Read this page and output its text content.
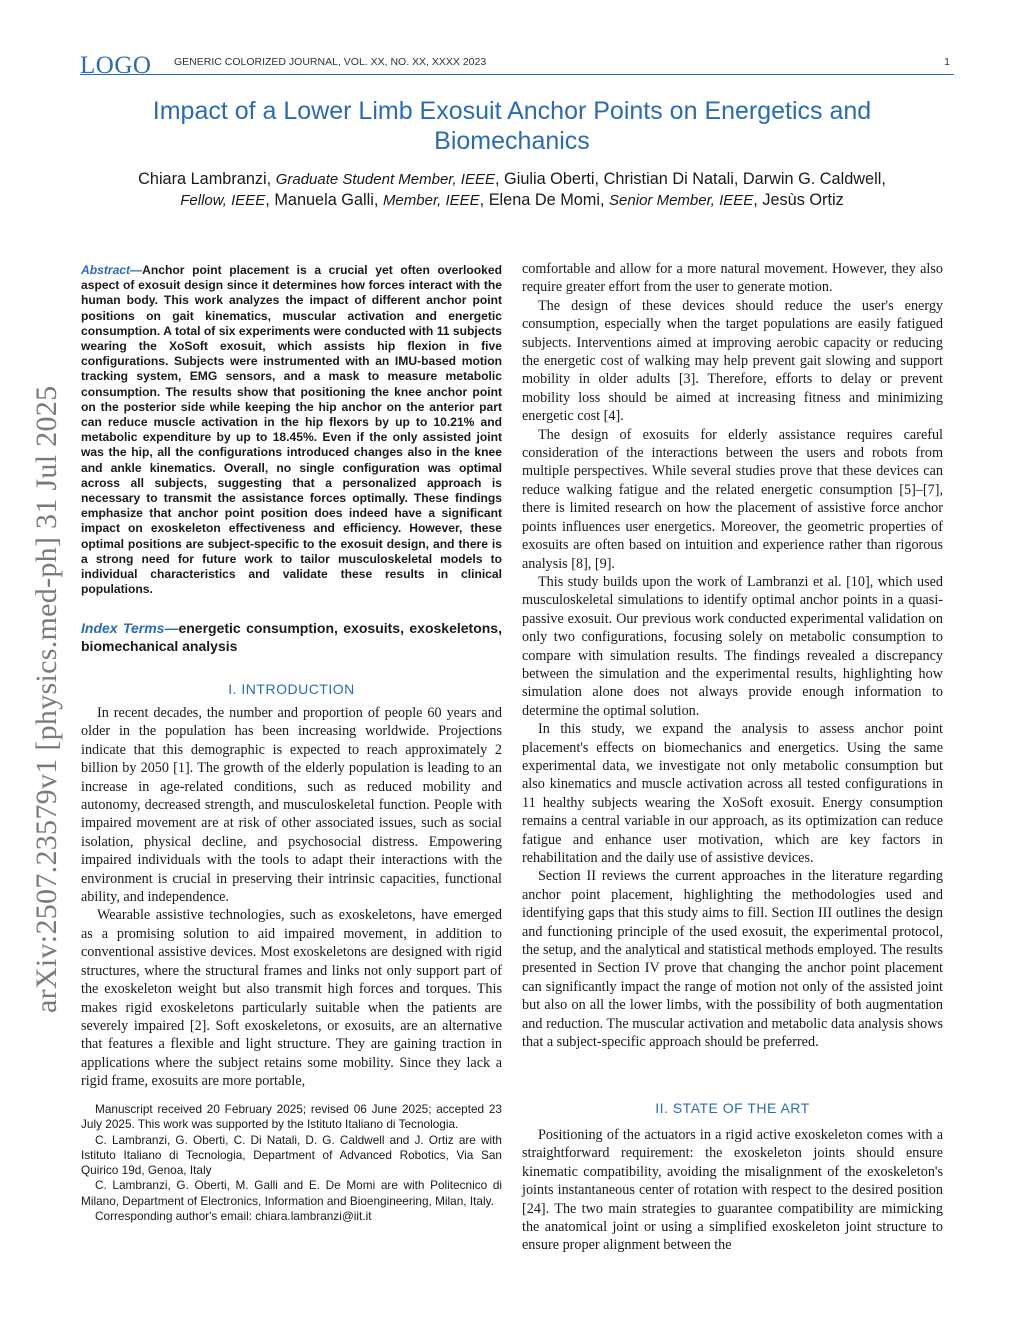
LOGO GENERIC COLORIZED JOURNAL, VOL. XX, NO. XX, XXXX 2023	1
Impact of a Lower Limb Exosuit Anchor Points on Energetics and Biomechanics
Chiara Lambranzi, Graduate Student Member, IEEE, Giulia Oberti, Christian Di Natali, Darwin G. Caldwell,
Fellow, IEEE, Manuela Galli, Member, IEEE, Elena De Momi, Senior Member, IEEE, Jesùs Ortiz
arXiv:2507.23579v1 [physics.med-ph] 31 Jul 2025
Abstract—Anchor point placement is a crucial yet often overlooked aspect of exosuit design since it determines how forces interact with the human body. This work analyzes the impact of different anchor point positions on gait kinematics, muscular activation and energetic consumption. A total of six experiments were conducted with 11 subjects wearing the XoSoft exosuit, which assists hip flexion in five configurations. Subjects were instrumented with an IMU-based motion tracking system, EMG sensors, and a mask to measure metabolic consumption. The results show that positioning the knee anchor point on the posterior side while keeping the hip anchor on the anterior part can reduce muscle activation in the hip flexors by up to 10.21% and metabolic expenditure by up to 18.45%. Even if the only assisted joint was the hip, all the configurations introduced changes also in the knee and ankle kinematics. Overall, no single configuration was optimal across all subjects, suggesting that a personalized approach is necessary to transmit the assistance forces optimally. These findings emphasize that anchor point position does indeed have a significant impact on exoskeleton effectiveness and efficiency. However, these optimal positions are subject-specific to the exosuit design, and there is a strong need for future work to tailor musculoskeletal models to individual characteristics and validate these results in clinical populations.
Index Terms—energetic consumption, exosuits, exoskeletons, biomechanical analysis
I. INTRODUCTION

In recent decades, the number and proportion of people 60 years and older in the population has been increasing worldwide. Projections indicate that this demographic is expected to reach approximately 2 billion by 2050 [1]. The growth of the elderly population is leading to an increase in age-related conditions, such as reduced mobility and autonomy, decreased strength, and musculoskeletal function. People with impaired movement are at risk of other associated issues, such as social isolation, physical decline, and psychosocial distress. Empowering impaired individuals with the tools to adapt their interactions with the environment is crucial in preserving their intrinsic capacities, functional ability, and independence.

Wearable assistive technologies, such as exoskeletons, have emerged as a promising solution to aid impaired movement, in addition to conventional assistive devices. Most exoskeletons are designed with rigid structures, where the structural frames and links not only support part of the exoskeleton weight but also transmit high forces and torques. This makes rigid exoskeletons particularly suitable when the patients are severely impaired [2]. Soft exoskeletons, or exosuits, are an alternative that features a flexible and light structure. They are gaining traction in applications where the subject retains some mobility. Since they lack a rigid frame, exosuits are more portable,

Manuscript received 20 February 2025; revised 06 June 2025; accepted 23 July 2025. This work was supported by the Istituto Italiano di Tecnologia.

C. Lambranzi, G. Oberti, C. Di Natali, D. G. Caldwell and J. Ortiz are with Istituto Italiano di Tecnologia, Department of Advanced Robotics, Via San Quirico 19d, Genoa, Italy

C. Lambranzi, G. Oberti, M. Galli and E. De Momi are with Politecnico di Milano, Department of Electronics, Information and Bioengineering, Milan, Italy.

Corresponding author's email: chiara.lambranzi@iit.it

comfortable and allow for a more natural movement. However, they also require greater effort from the user to generate motion.

The design of these devices should reduce the user's energy consumption, especially when the target populations are easily fatigued subjects. Interventions aimed at improving aerobic capacity or reducing the energetic cost of walking may help prevent gait slowing and support mobility in older adults [3]. Therefore, efforts to delay or prevent mobility loss should be aimed at increasing fitness and minimizing energetic cost [4].

The design of exosuits for elderly assistance requires careful consideration of the interactions between the users and robots from multiple perspectives. While several studies prove that these devices can reduce walking fatigue and the related energetic consumption [5]–[7], there is limited research on how the placement of assistive force anchor points influences user energetics. Moreover, the geometric properties of exosuits are often based on intuition and experience rather than rigorous analysis [8], [9].

This study builds upon the work of Lambranzi et al. [10], which used musculoskeletal simulations to identify optimal anchor points in a quasi-passive exosuit. Our previous work conducted experimental validation on only two configurations, focusing solely on metabolic consumption to compare with simulation results. The findings revealed a discrepancy between the simulation and the experimental results, highlighting how simulation alone does not always provide enough information to determine the optimal solution.

In this study, we expand the analysis to assess anchor point placement's effects on biomechanics and energetics. Using the same experimental data, we investigate not only metabolic consumption but also kinematics and muscle activation across all tested configurations in 11 healthy subjects wearing the XoSoft exosuit. Energy consumption remains a central variable in our approach, as its optimization can reduce fatigue and enhance user motivation, which are key factors in rehabilitation and the daily use of assistive devices.

Section II reviews the current approaches in the literature regarding anchor point placement, highlighting the methodologies used and identifying gaps that this study aims to fill. Section III outlines the design and functioning principle of the used exosuit, the experimental protocol, the setup, and the analytical and statistical methods employed. The results presented in Section IV prove that changing the anchor point placement can significantly impact the range of motion not only of the assisted joint but also on all the lower limbs, with the possibility of both augmentation and reduction. The muscular activation and metabolic data analysis shows that a subject-specific approach should be preferred.

II. STATE OF THE ART

Positioning of the actuators in a rigid active exoskeleton comes with a straightforward requirement: the exoskeleton joints should ensure kinematic compatibility, avoiding the misalignment of the exoskeleton's joints instantaneous center of rotation with respect to the desired position [24]. The two main strategies to guarantee compatibility are mimicking the anatomical joint or using a simplified exoskeleton joint structure to ensure proper alignment between the
